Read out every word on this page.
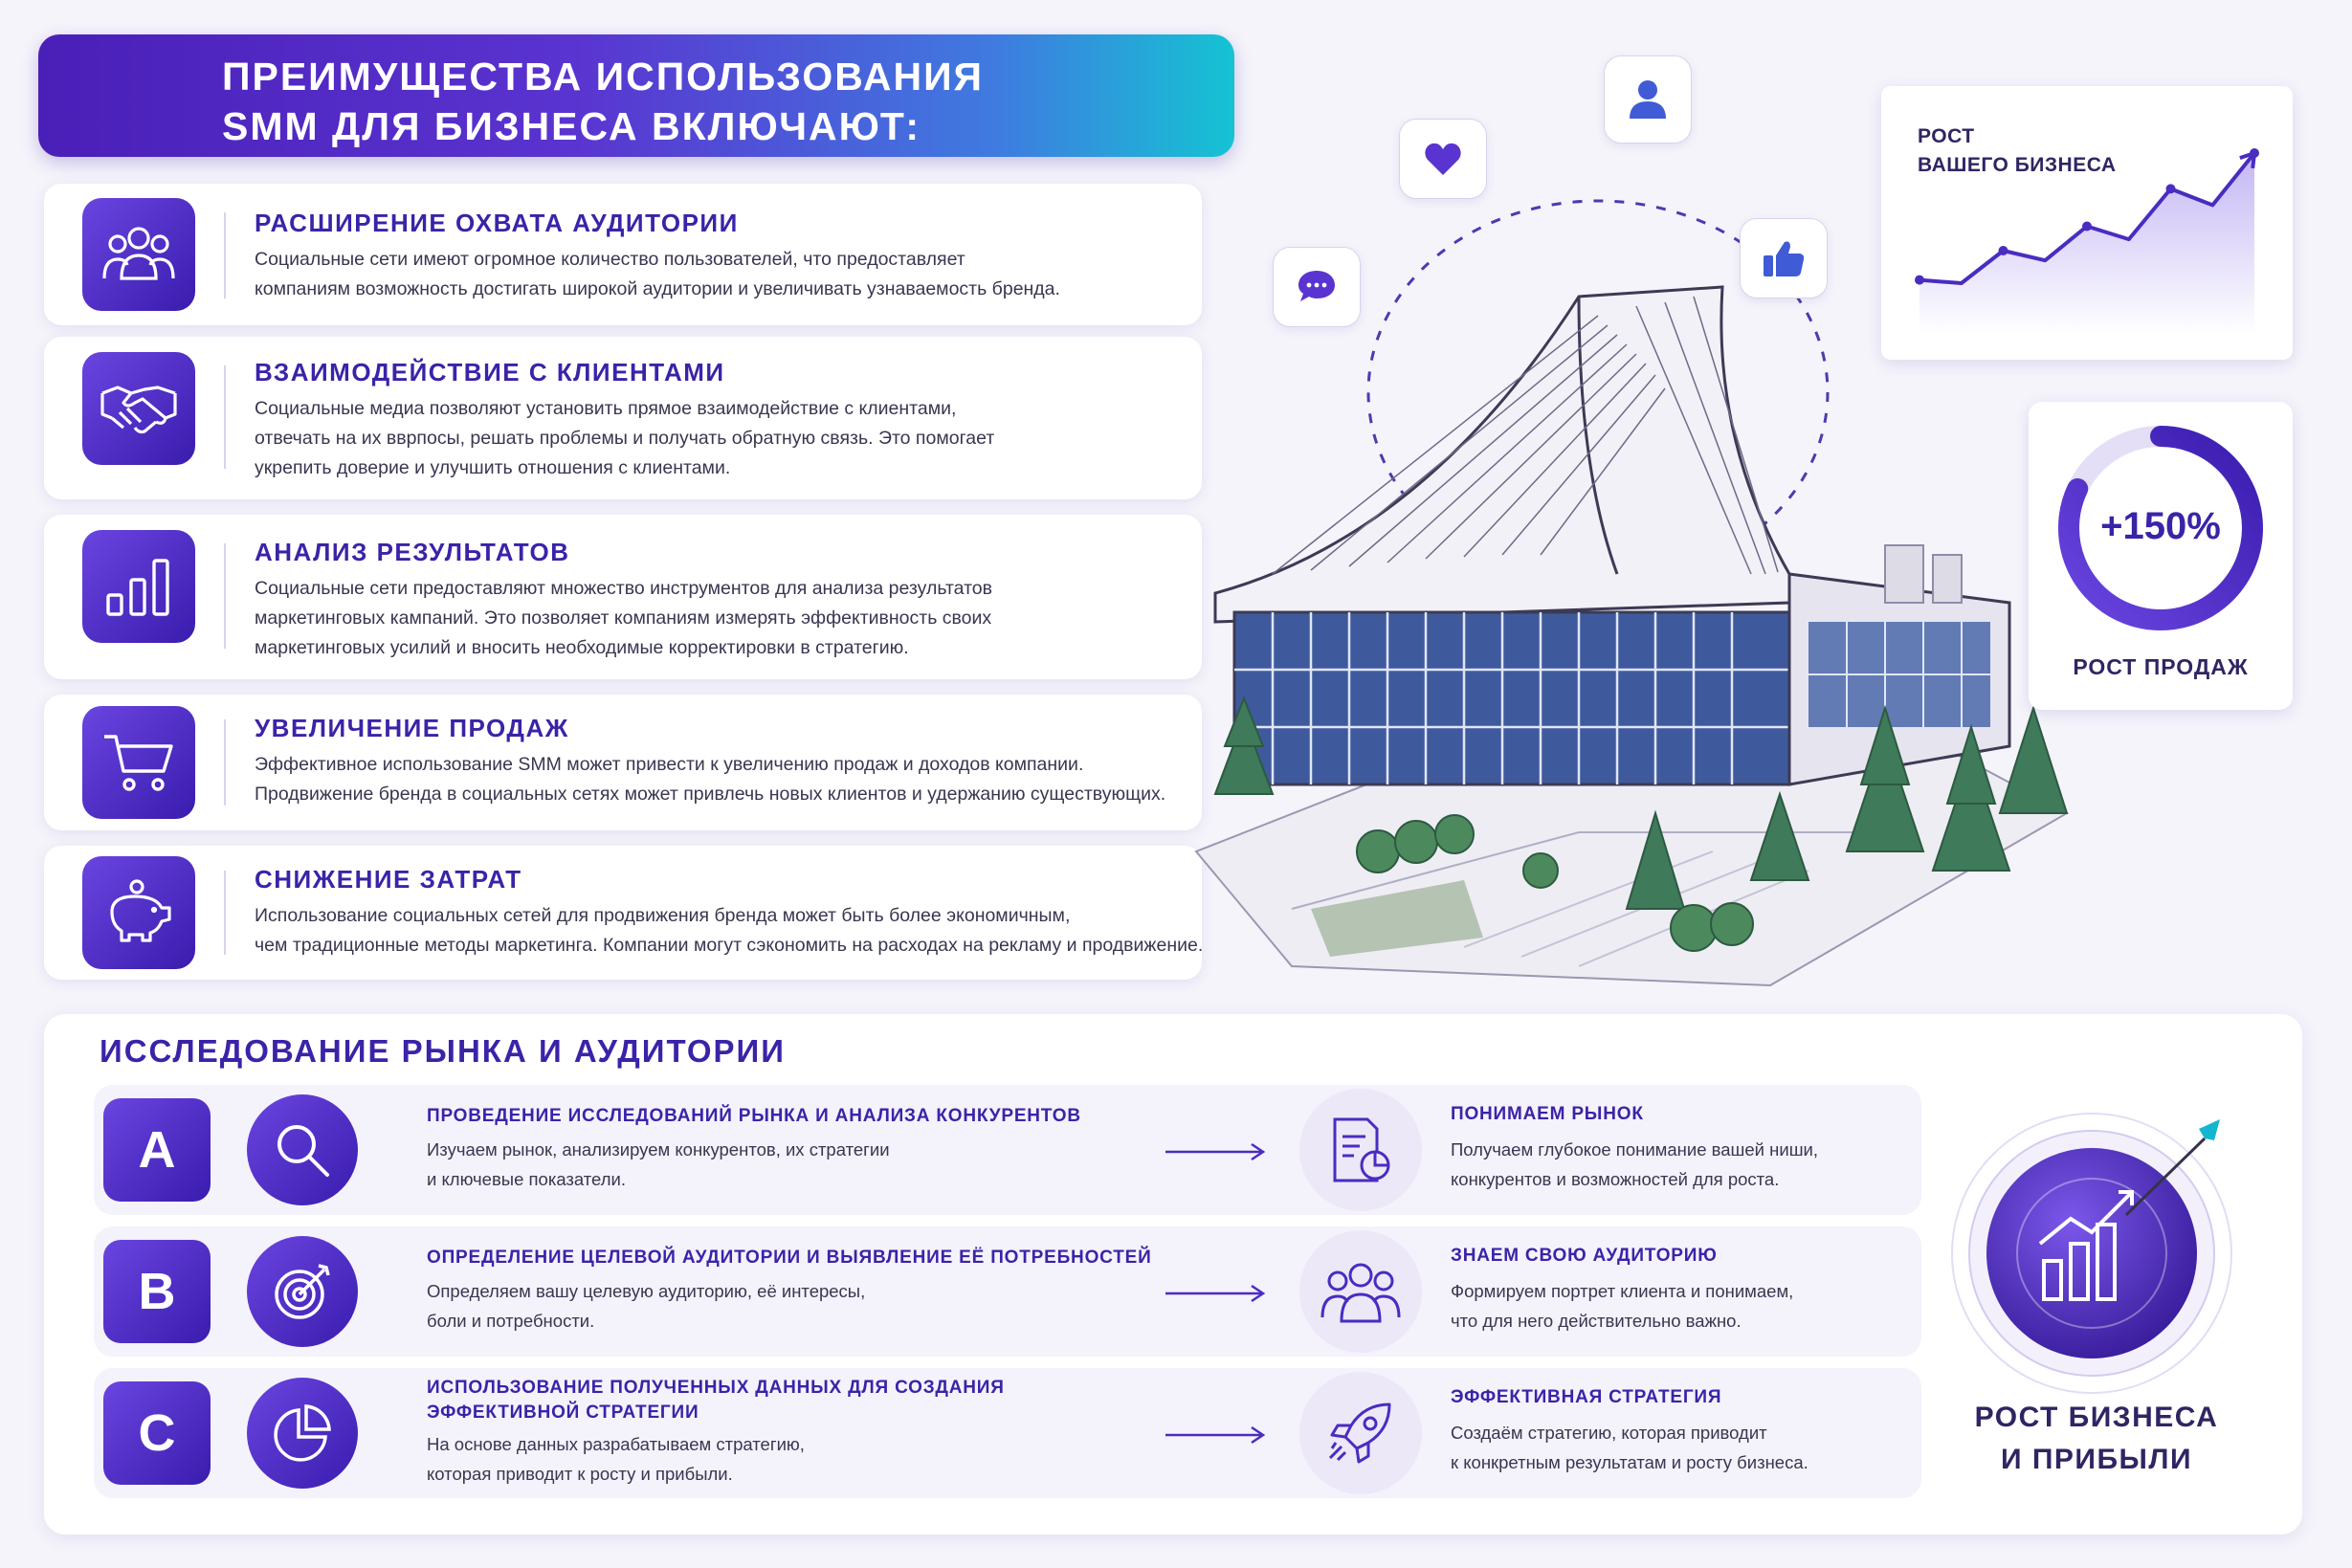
ПРЕИМУЩЕСТВА ИСПОЛЬЗОВАНИЯ
SMM ДЛЯ БИЗНЕСА ВКЛЮЧАЮТ:
РАСШИРЕНИЕ ОХВАТА АУДИТОРИИ
Социальные сети имеют огромное количество пользователей, что предоставляет
компаниям возможность достигать широкой аудитории и увеличивать узнаваемость бренда.
ВЗАИМОДЕЙСТВИЕ С КЛИЕНТАМИ
Социальные медиа позволяют установить прямое взаимодействие с клиентами,
отвечать на их вврпосы, решать проблемы и получать обратную связь. Это помогает
укрепить доверие и улучшить отношения с клиентами.
АНАЛИЗ РЕЗУЛЬТАТОВ
Социальные сети предоставляют множество инструментов для анализа результатов
маркетинговых кампаний. Это позволяет компаниям измерять эффективность своих
маркетинговых усилий и вносить необходимые корректировки в стратегию.
УВЕЛИЧЕНИЕ ПРОДАЖ
Эффективное использование SMM может привести к увеличению продаж и доходов компании.
Продвижение бренда в социальных сетях может привлечь новых клиентов и удержанию существующих.
СНИЖЕНИЕ ЗАТРАТ
Использование социальных сетей для продвижения бренда может быть более экономичным,
чем традиционные методы маркетинга. Компании могут сэкономить на расходах на рекламу и продвижение.
РОСТ
ВАШЕГО БИЗНЕСА
+150%
РОСТ ПРОДАЖ
ИССЛЕДОВАНИЕ РЫНКА И АУДИТОРИИ
A
ПРОВЕДЕНИЕ ИССЛЕДОВАНИЙ РЫНКА И АНАЛИЗА КОНКУРЕНТОВ
Изучаем рынок, анализируем конкурентов, их стратегии
и ключевые показатели.
ПОНИМАЕМ РЫНОК
Получаем глубокое понимание вашей ниши,
конкурентов и возможностей для роста.
B
ОПРЕДЕЛЕНИЕ ЦЕЛЕВОЙ АУДИТОРИИ И ВЫЯВЛЕНИЕ ЕЁ ПОТРЕБНОСТЕЙ
Определяем вашу целевую аудиторию, её интересы,
боли и потребности.
ЗНАЕМ СВОЮ АУДИТОРИЮ
Формируем портрет клиента и понимаем,
что для него действительно важно.
C
ИСПОЛЬЗОВАНИЕ ПОЛУЧЕННЫХ ДАННЫХ ДЛЯ СОЗДАНИЯ
ЭФФЕКТИВНОЙ СТРАТЕГИИ
На основе данных разрабатываем стратегию,
которая приводит к росту и прибыли.
ЭФФЕКТИВНАЯ СТРАТЕГИЯ
Создаём стратегию, которая приводит
к конкретным результатам и росту бизнеса.
РОСТ БИЗНЕСА
И ПРИБЫЛИ
